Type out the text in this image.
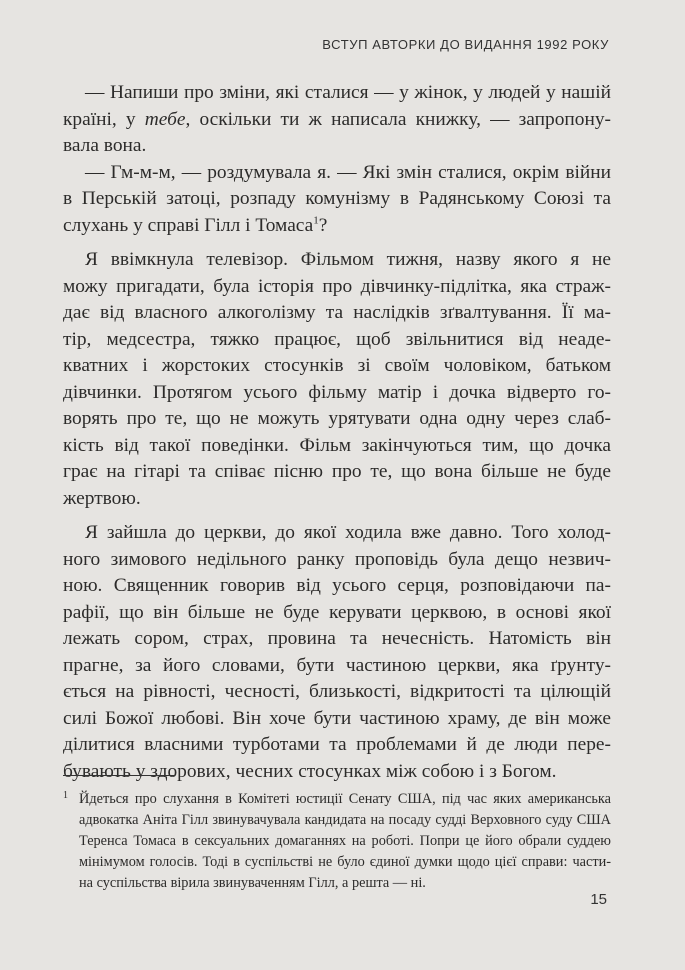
ВСТУП АВТОРКИ ДО ВИДАННЯ 1992 РОКУ
— Напиши про зміни, які сталися — у жінок, у людей у нашій
країні, у тебе, оскільки ти ж написала книжку, — запропону-
вала вона.
— Гм-м-м, — роздумувала я. — Які змін сталися, окрім війни
в Перській затоці, розпаду комунізму в Радянському Союзі та
слухань у справі Гілл і Томаса$^1$?
Я ввімкнула телевізор. Фільмом тижня, назву якого я не
можу пригадати, була історія про дівчинку-підлітка, яка страж-
дає від власного алкоголізму та наслідків зґвалтування. Її ма-
тір, медсестра, тяжко працює, щоб звільнитися від неаде-
кватних і жорстоких стосунків зі своїм чоловіком, батьком
дівчинки. Протягом усього фільму матір і дочка відверто го-
ворять про те, що не можуть урятувати одна одну через слаб-
кість від такої поведінки. Фільм закінчуються тим, що дочка
грає на гітарі та співає пісню про те, що вона більше не буде
жертвою.
Я зайшла до церкви, до якої ходила вже давно. Того холод-
ного зимового недільного ранку проповідь була дещо незвич-
ною. Священник говорив від усього серця, розповідаючи па-
рафії, що він більше не буде керувати церквою, в основі якої
лежать сором, страх, провина та нечесність. Натомість він
прагне, за його словами, бути частиною церкви, яка ґрунту-
ється на рівності, чесності, близькості, відкритості та цілющій
силі Божої любові. Він хоче бути частиною храму, де він може
ділитися власними турботами та проблемами й де люди пере-
бувають у здорових, чесних стосунках між собою і з Богом.
1 Йдеться про слухання в Комітеті юстиції Сенату США, під час яких американська
адвокатка Аніта Гілл звинувачувала кандидата на посаду судді Верховного суду США
Теренса Томаса в сексуальних домаганнях на роботі. Попри це його обрали суддею
мінімумом голосів. Тоді в суспільстві не було єдиної думки щодо цієї справи: части-
на суспільства вірила звинуваченням Гілл, а решта — ні.
15
